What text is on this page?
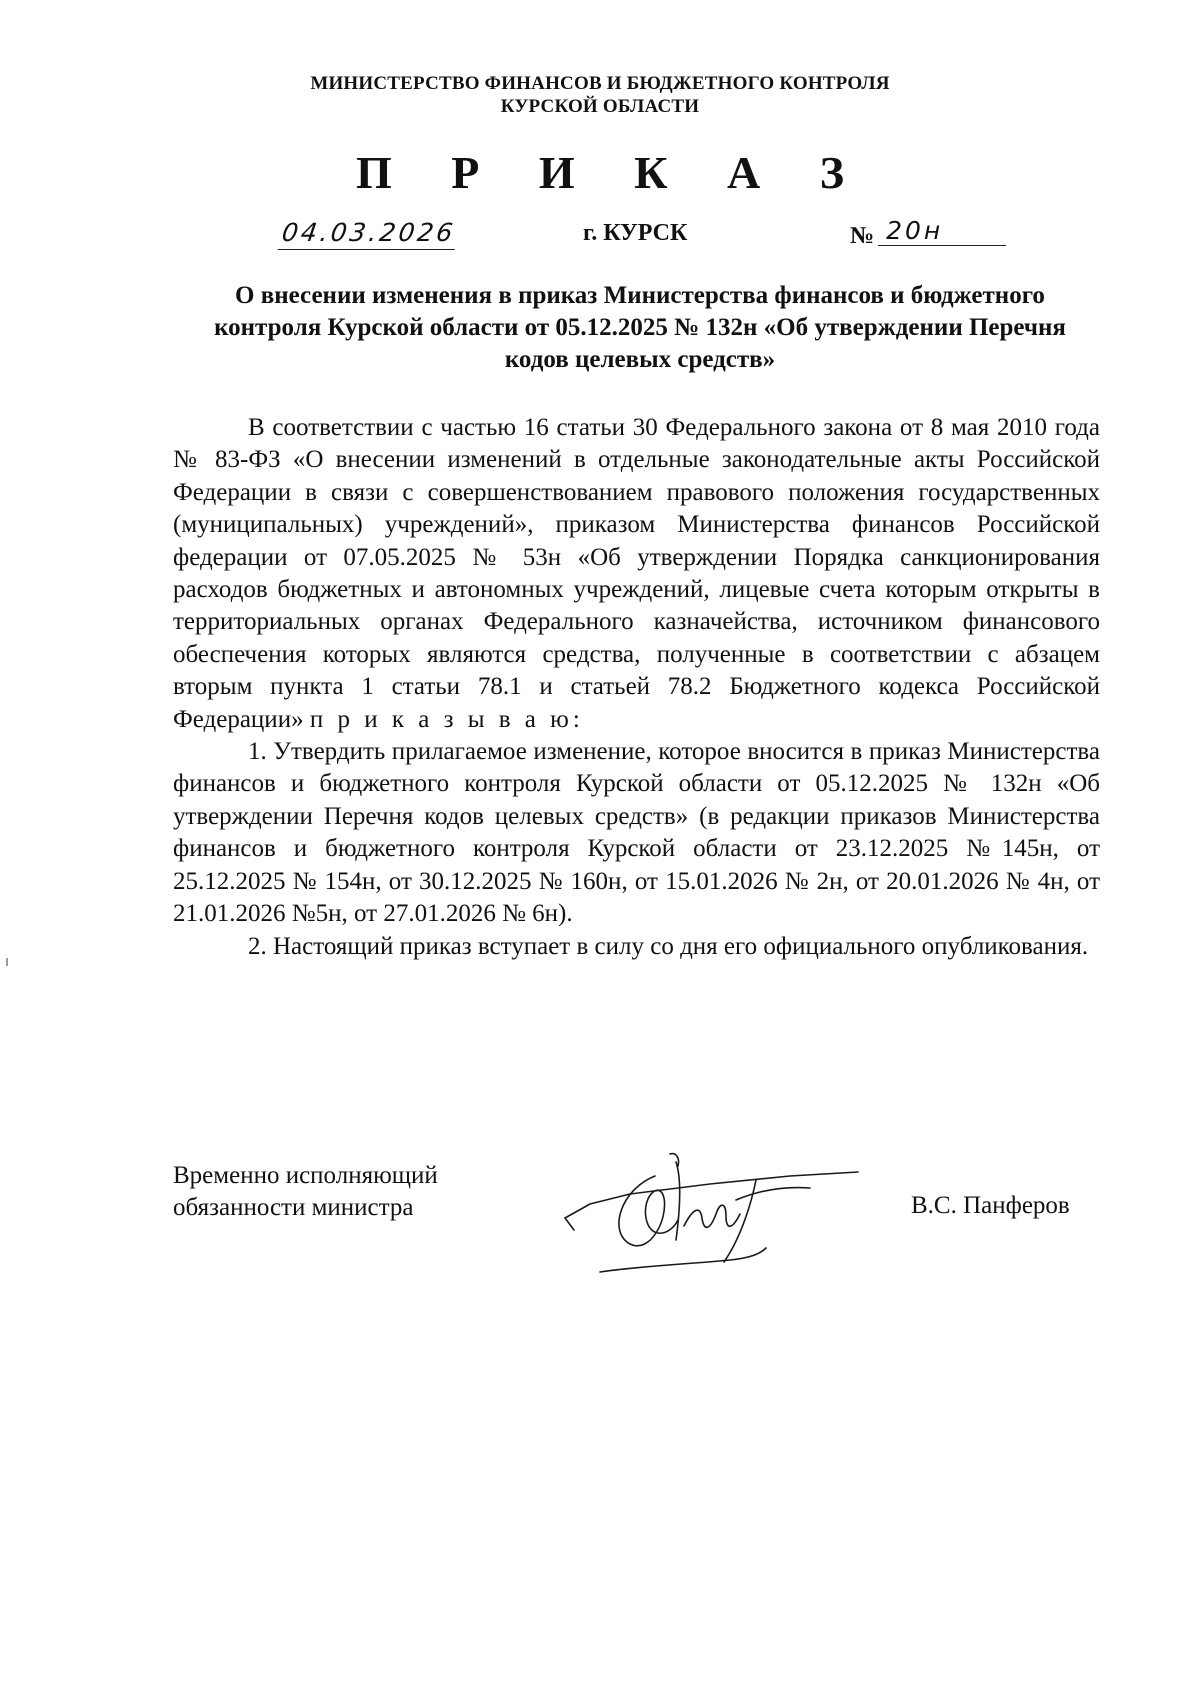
МИНИСТЕРСТВО ФИНАНСОВ И БЮДЖЕТНОГО КОНТРОЛЯ
КУРСКОЙ ОБЛАСТИ
П Р И К А З
04.03.2026	г. КУРСК	№ 20н
О внесении изменения в приказ Министерства финансов и бюджетного контроля Курской области от 05.12.2025 № 132н «Об утверждении Перечня кодов целевых средств»

В соответствии с частью 16 статьи 30 Федерального закона от 8 мая 2010 года № 83-ФЗ «О внесении изменений в отдельные законодательные акты Российской Федерации в связи с совершенствованием правового положения государственных (муниципальных) учреждений», приказом Министерства финансов Российской федерации от 07.05.2025 № 53н «Об утверждении Порядка санкционирования расходов бюджетных и автономных учреждений, лицевые счета которым открыты в территориальных органах Федерального казначейства, источником финансового обеспечения которых являются средства, полученные в соответствии с абзацем вторым пункта 1 статьи 78.1 и статьей 78.2 Бюджетного кодекса Российской Федерации» п р и к а з ы в а ю:

1. Утвердить прилагаемое изменение, которое вносится в приказ Министерства финансов и бюджетного контроля Курской области от 05.12.2025 № 132н «Об утверждении Перечня кодов целевых средств» (в редакции приказов Министерства финансов и бюджетного контроля Курской области от 23.12.2025 №145н, от 25.12.2025 № 154н, от 30.12.2025 № 160н, от 15.01.2026 № 2н, от 20.01.2026 № 4н, от 21.01.2026 №5н, от 27.01.2026 № 6н).

2. Настоящий приказ вступает в силу со дня его официального опубликования.

Временно исполняющий
обязанности министра	В.С. Панферов
